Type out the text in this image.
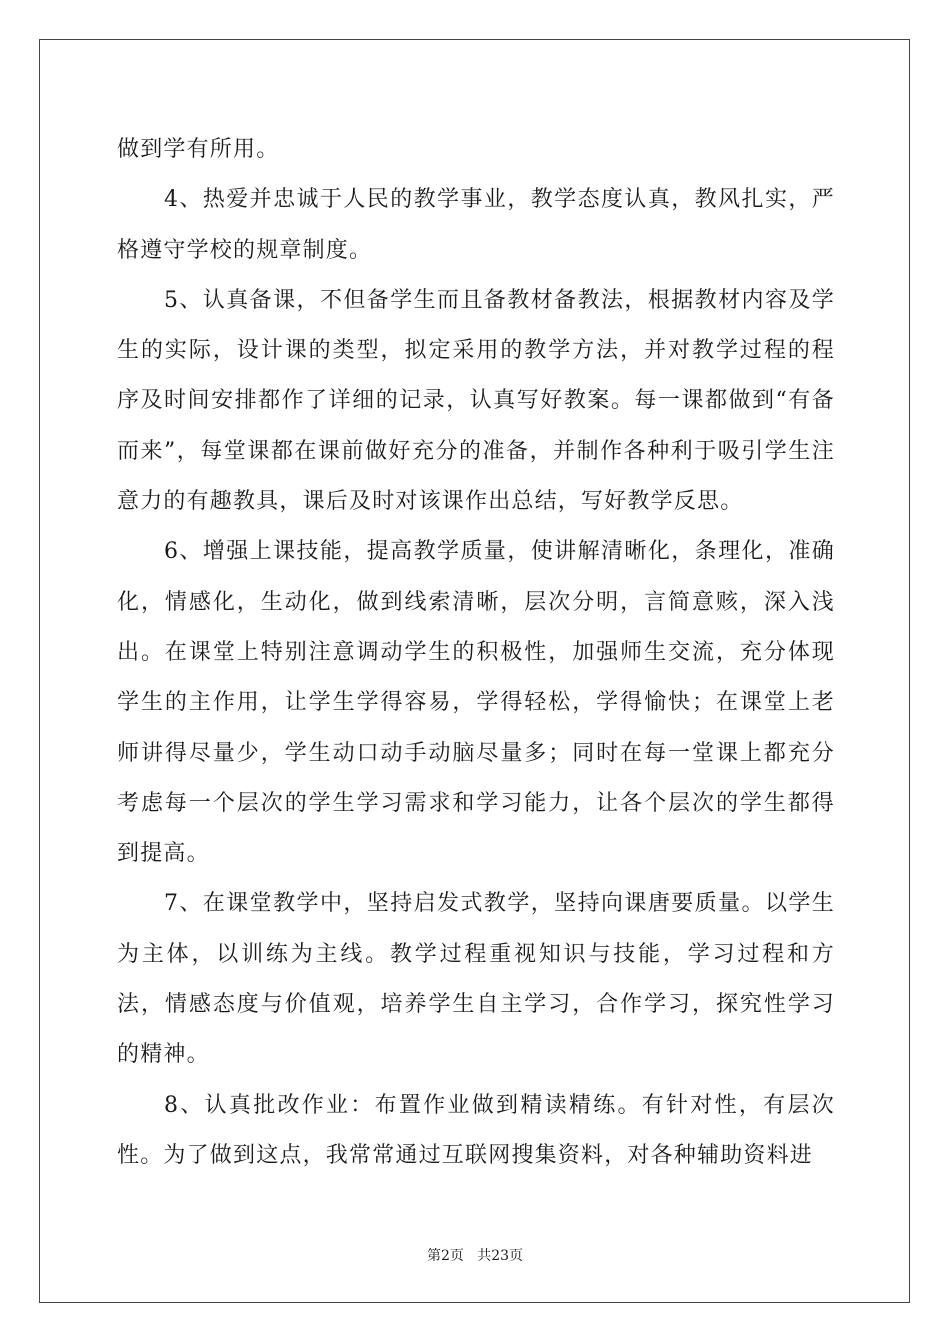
做到学有所用。

4、热爱并忠诚于人民的教学事业，教学态度认真，教风扎实，严格遵守学校的规章制度。

5、认真备课，不但备学生而且备教材备教法，根据教材内容及学生的实际，设计课的类型，拟定采用的教学方法，并对教学过程的程序及时间安排都作了详细的记录，认真写好教案。每一课都做到“有备而来”，每堂课都在课前做好充分的准备，并制作各种利于吸引学生注意力的有趣教具，课后及时对该课作出总结，写好教学反思。

6、增强上课技能，提高教学质量，使讲解清晰化，条理化，准确化，情感化，生动化，做到线索清晰，层次分明，言简意赅，深入浅出。在课堂上特别注意调动学生的积极性，加强师生交流，充分体现学生的主作用，让学生学得容易，学得轻松，学得愉快；在课堂上老师讲得尽量少，学生动口动手动脑尽量多；同时在每一堂课上都充分考虑每一个层次的学生学习需求和学习能力，让各个层次的学生都得到提高。

7、在课堂教学中，坚持启发式教学，坚持向课唐要质量。以学生为主体，以训练为主线。教学过程重视知识与技能，学习过程和方法，情感态度与价值观，培养学生自主学习，合作学习，探究性学习的精神。

8、认真批改作业：布置作业做到精读精练。有针对性，有层次性。为了做到这点，我常常通过互联网搜集资料，对各种辅助资料进

第2页   共23页
